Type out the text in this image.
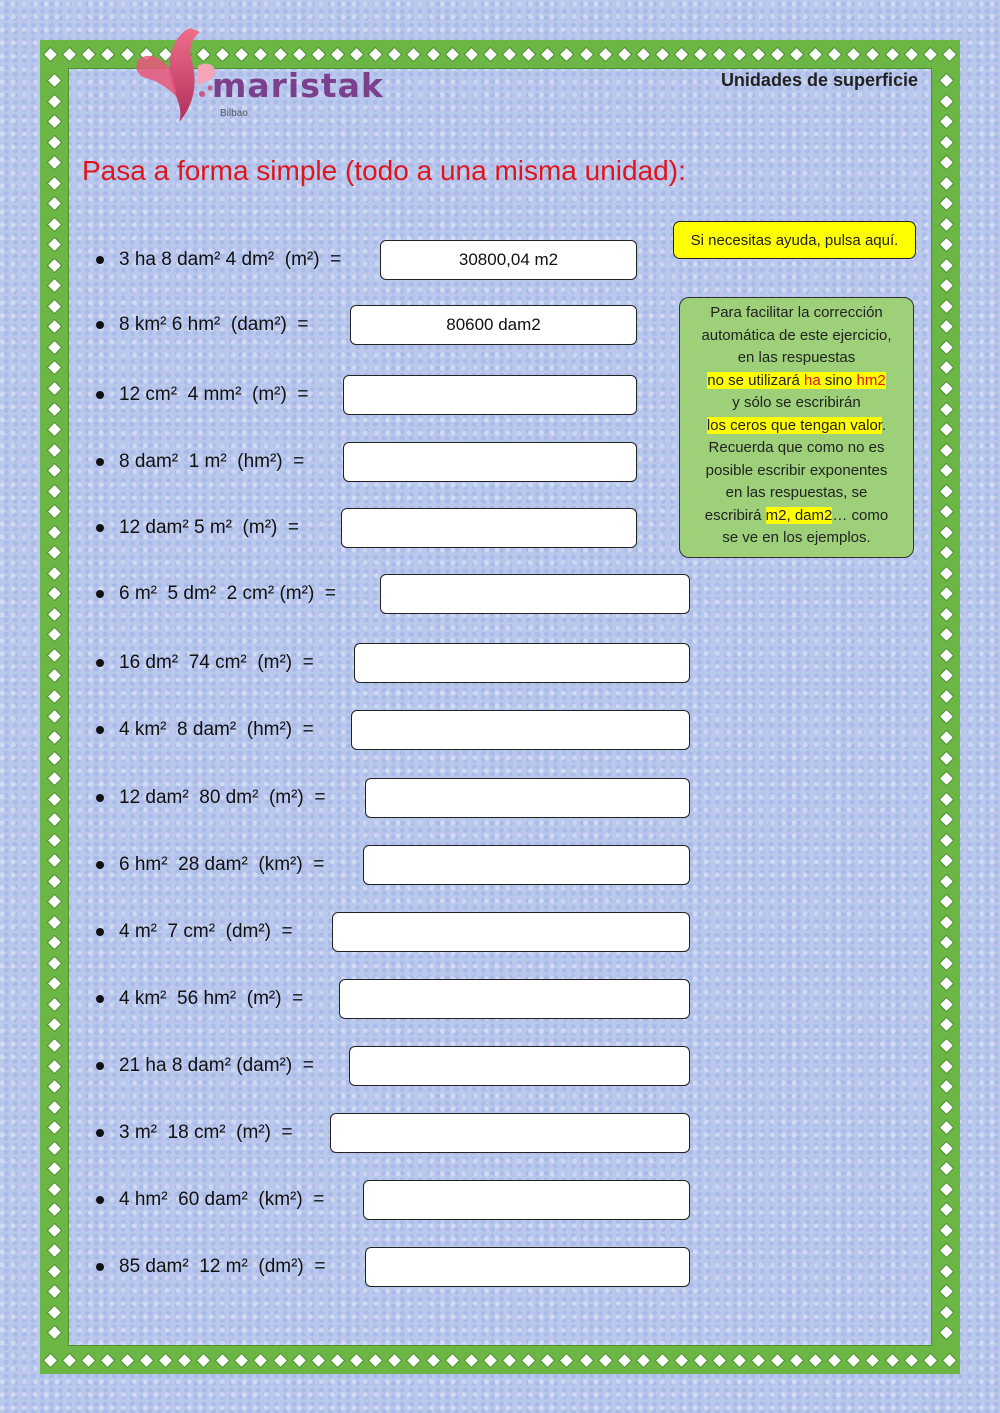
maristak
Bilbao
Unidades de superficie
Pasa a forma simple (todo a una misma unidad):
Si necesitas ayuda, pulsa aquí.
Para facilitar la corrección
automática de este ejercicio,
en las respuestas
no se utilizará ha sino hm2
y sólo se escribirán
los ceros que tengan valor.
Recuerda que como no es
posible escribir exponentes
en las respuestas, se
escribirá m2, dam2… como
se ve en los ejemplos.
3 ha 8 dam² 4 dm²  (m²)  =
30800,04 m2
8 km² 6 hm²  (dam²)  =
80600 dam2
12 cm²  4 mm²  (m²)  =
8 dam²  1 m²  (hm²)  =
12 dam² 5 m²  (m²)  =
6 m²  5 dm²  2 cm² (m²)  =
16 dm²  74 cm²  (m²)  =
4 km²  8 dam²  (hm²)  =
12 dam²  80 dm²  (m²)  =
6 hm²  28 dam²  (km²)  =
4 m²  7 cm²  (dm²)  =
4 km²  56 hm²  (m²)  =
21 ha 8 dam² (dam²)  =
3 m²  18 cm²  (m²)  =
4 hm²  60 dam²  (km²)  =
85 dam²  12 m²  (dm²)  =
